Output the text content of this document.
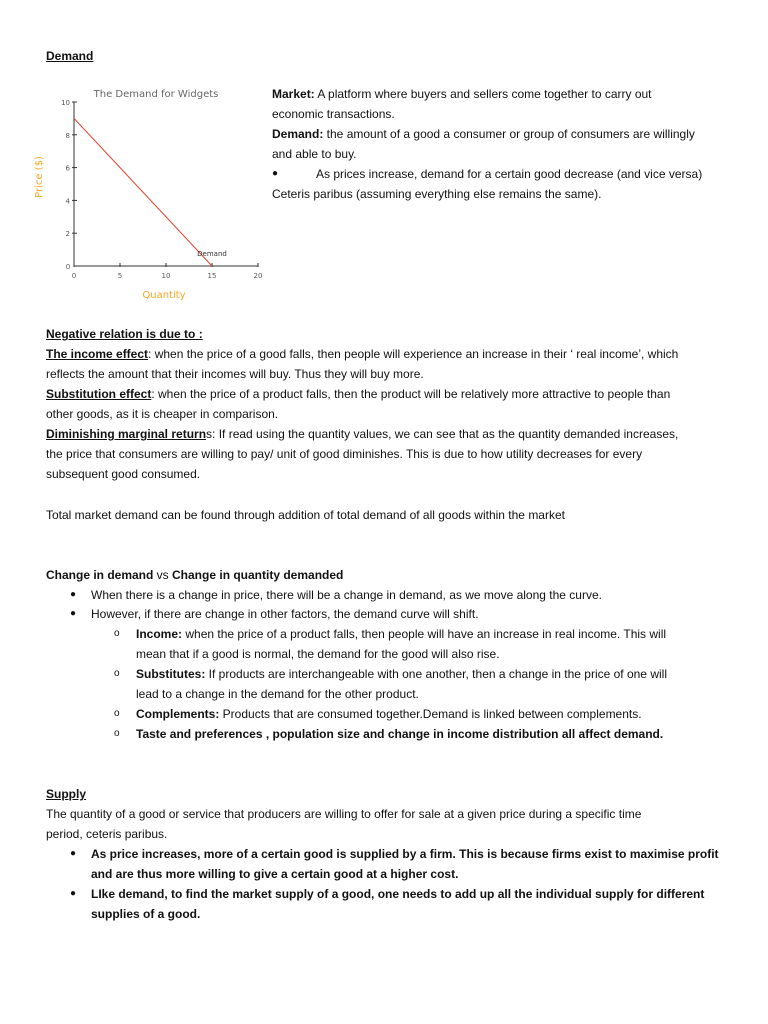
Demand
The Demand for Widgets
0	5	10	15	20
0
2
4
6
8
10
Demand
Quantity
Price ($)
Market: A platform where buyers and sellers come together to carry out
economic transactions.
Demand: the amount of a good a consumer or group of consumers are willingly
and able to buy.
●	As prices increase, demand for a certain good decrease (and vice versa)
Ceteris paribus (assuming everything else remains the same).
Negative relation is due to :
The income effect: when the price of a good falls, then people will experience an increase in their ‘ real income’, which
reflects the amount that their incomes will buy. Thus they will buy more.
Substitution effect: when the price of a product falls, then the product will be relatively more attractive to people than
other goods, as it is cheaper in comparison.
Diminishing marginal returns: If read using the quantity values, we can see that as the quantity demanded increases,
the price that consumers are willing to pay/ unit of good diminishes. This is due to how utility decreases for every
subsequent good consumed.
Total market demand can be found through addition of total demand of all goods within the market
Change in demand vs Change in quantity demanded
● When there is a change in price, there will be a change in demand, as we move along the curve.
● However, if there are change in other factors, the demand curve will shift.
o Income: when the price of a product falls, then people will have an increase in real income. This will
mean that if a good is normal, the demand for the good will also rise.
o Substitutes: If products are interchangeable with one another, then a change in the price of one will
lead to a change in the demand for the other product.
o Complements: Products that are consumed together.Demand is linked between complements.
o Taste and preferences , population size and change in income distribution all affect demand.
Supply
The quantity of a good or service that producers are willing to offer for sale at a given price during a specific time
period, ceteris paribus.
● As price increases, more of a certain good is supplied by a firm. This is because firms exist to maximise profit
and are thus more willing to give a certain good at a higher cost.
● LIke demand, to find the market supply of a good, one needs to add up all the individual supply for different
supplies of a good.
